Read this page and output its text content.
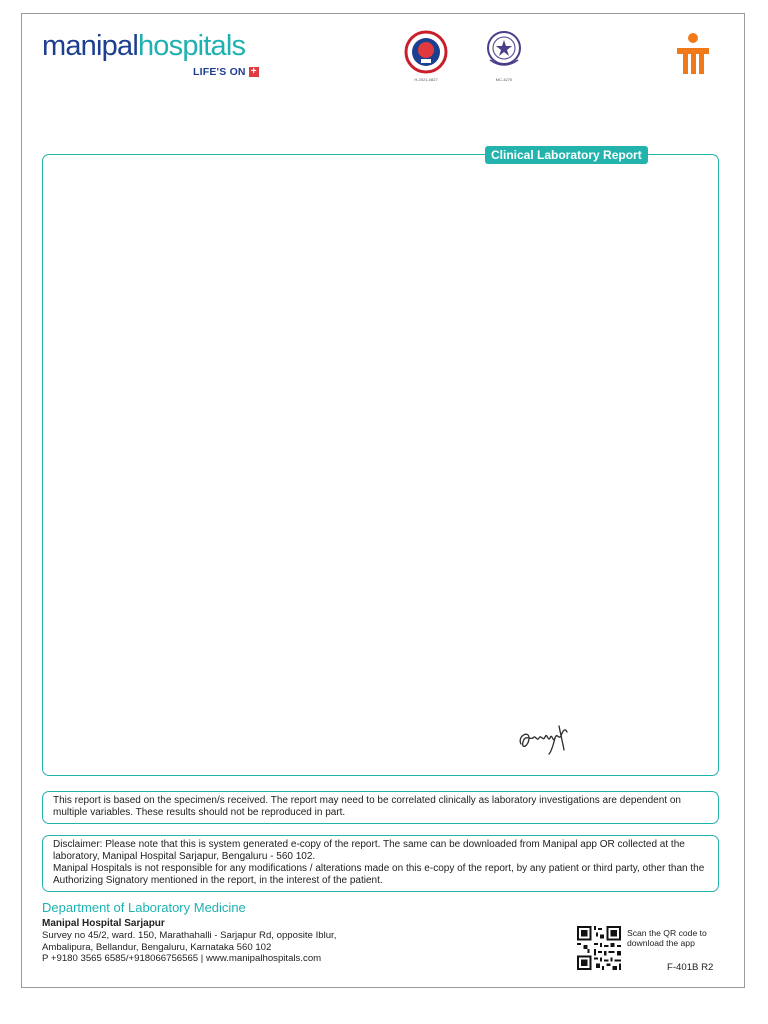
manipalhospitals
LIFE'S ON +
H-2021-0827	MC-4270
Clinical Laboratory Report

This report is based on the specimen/s received. The report may need to be correlated clinically as laboratory investigations are dependent on multiple variables. These results should not be reproduced in part.

Disclaimer: Please note that this is system generated e-copy of the report. The same can be downloaded from Manipal app OR collected at the laboratory, Manipal Hospital Sarjapur, Bengaluru - 560 102.

Manipal Hospitals is not responsible for any modifications / alterations made on this e-copy of the report, by any patient or third party, other than the Authorizing Signatory mentioned in the report, in the interest of the patient.

Department of Laboratory Medicine
Manipal Hospital Sarjapur
Survey no 45/2, ward. 150, Marathahalli - Sarjapur Rd, opposite Iblur,
Ambalipura, Bellandur, Bengaluru, Karnataka 560 102
P +9180 3565 6585/+918066756565 | www.manipalhospitals.com
Scan the QR code to download the app
F-401B R2
